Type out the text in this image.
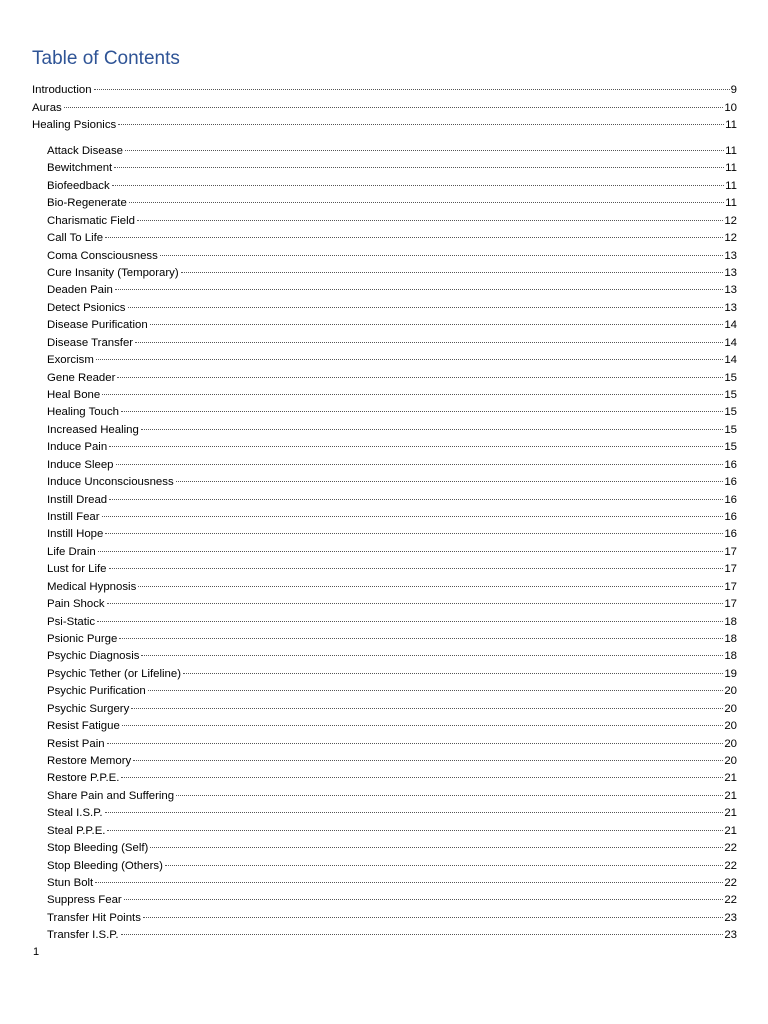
Table of Contents
Introduction	9
Auras	10
Healing Psionics	11
Attack Disease	11
Bewitchment	11
Biofeedback	11
Bio-Regenerate	11
Charismatic Field	12
Call To Life	12
Coma Consciousness	13
Cure Insanity (Temporary)	13
Deaden Pain	13
Detect Psionics	13
Disease Purification	14
Disease Transfer	14
Exorcism	14
Gene Reader	15
Heal Bone	15
Healing Touch	15
Increased Healing	15
Induce Pain	15
Induce Sleep	16
Induce Unconsciousness	16
Instill Dread	16
Instill Fear	16
Instill Hope	16
Life Drain	17
Lust for Life	17
Medical Hypnosis	17
Pain Shock	17
Psi-Static	18
Psionic Purge	18
Psychic Diagnosis	18
Psychic Tether (or Lifeline)	19
Psychic Purification	20
Psychic Surgery	20
Resist Fatigue	20
Resist Pain	20
Restore Memory	20
Restore P.P.E.	21
Share Pain and Suffering	21
Steal I.S.P.	21
Steal P.P.E.	21
Stop Bleeding (Self)	22
Stop Bleeding (Others)	22
Stun Bolt	22
Suppress Fear	22
Transfer Hit Points	23
Transfer I.S.P.	23
1
